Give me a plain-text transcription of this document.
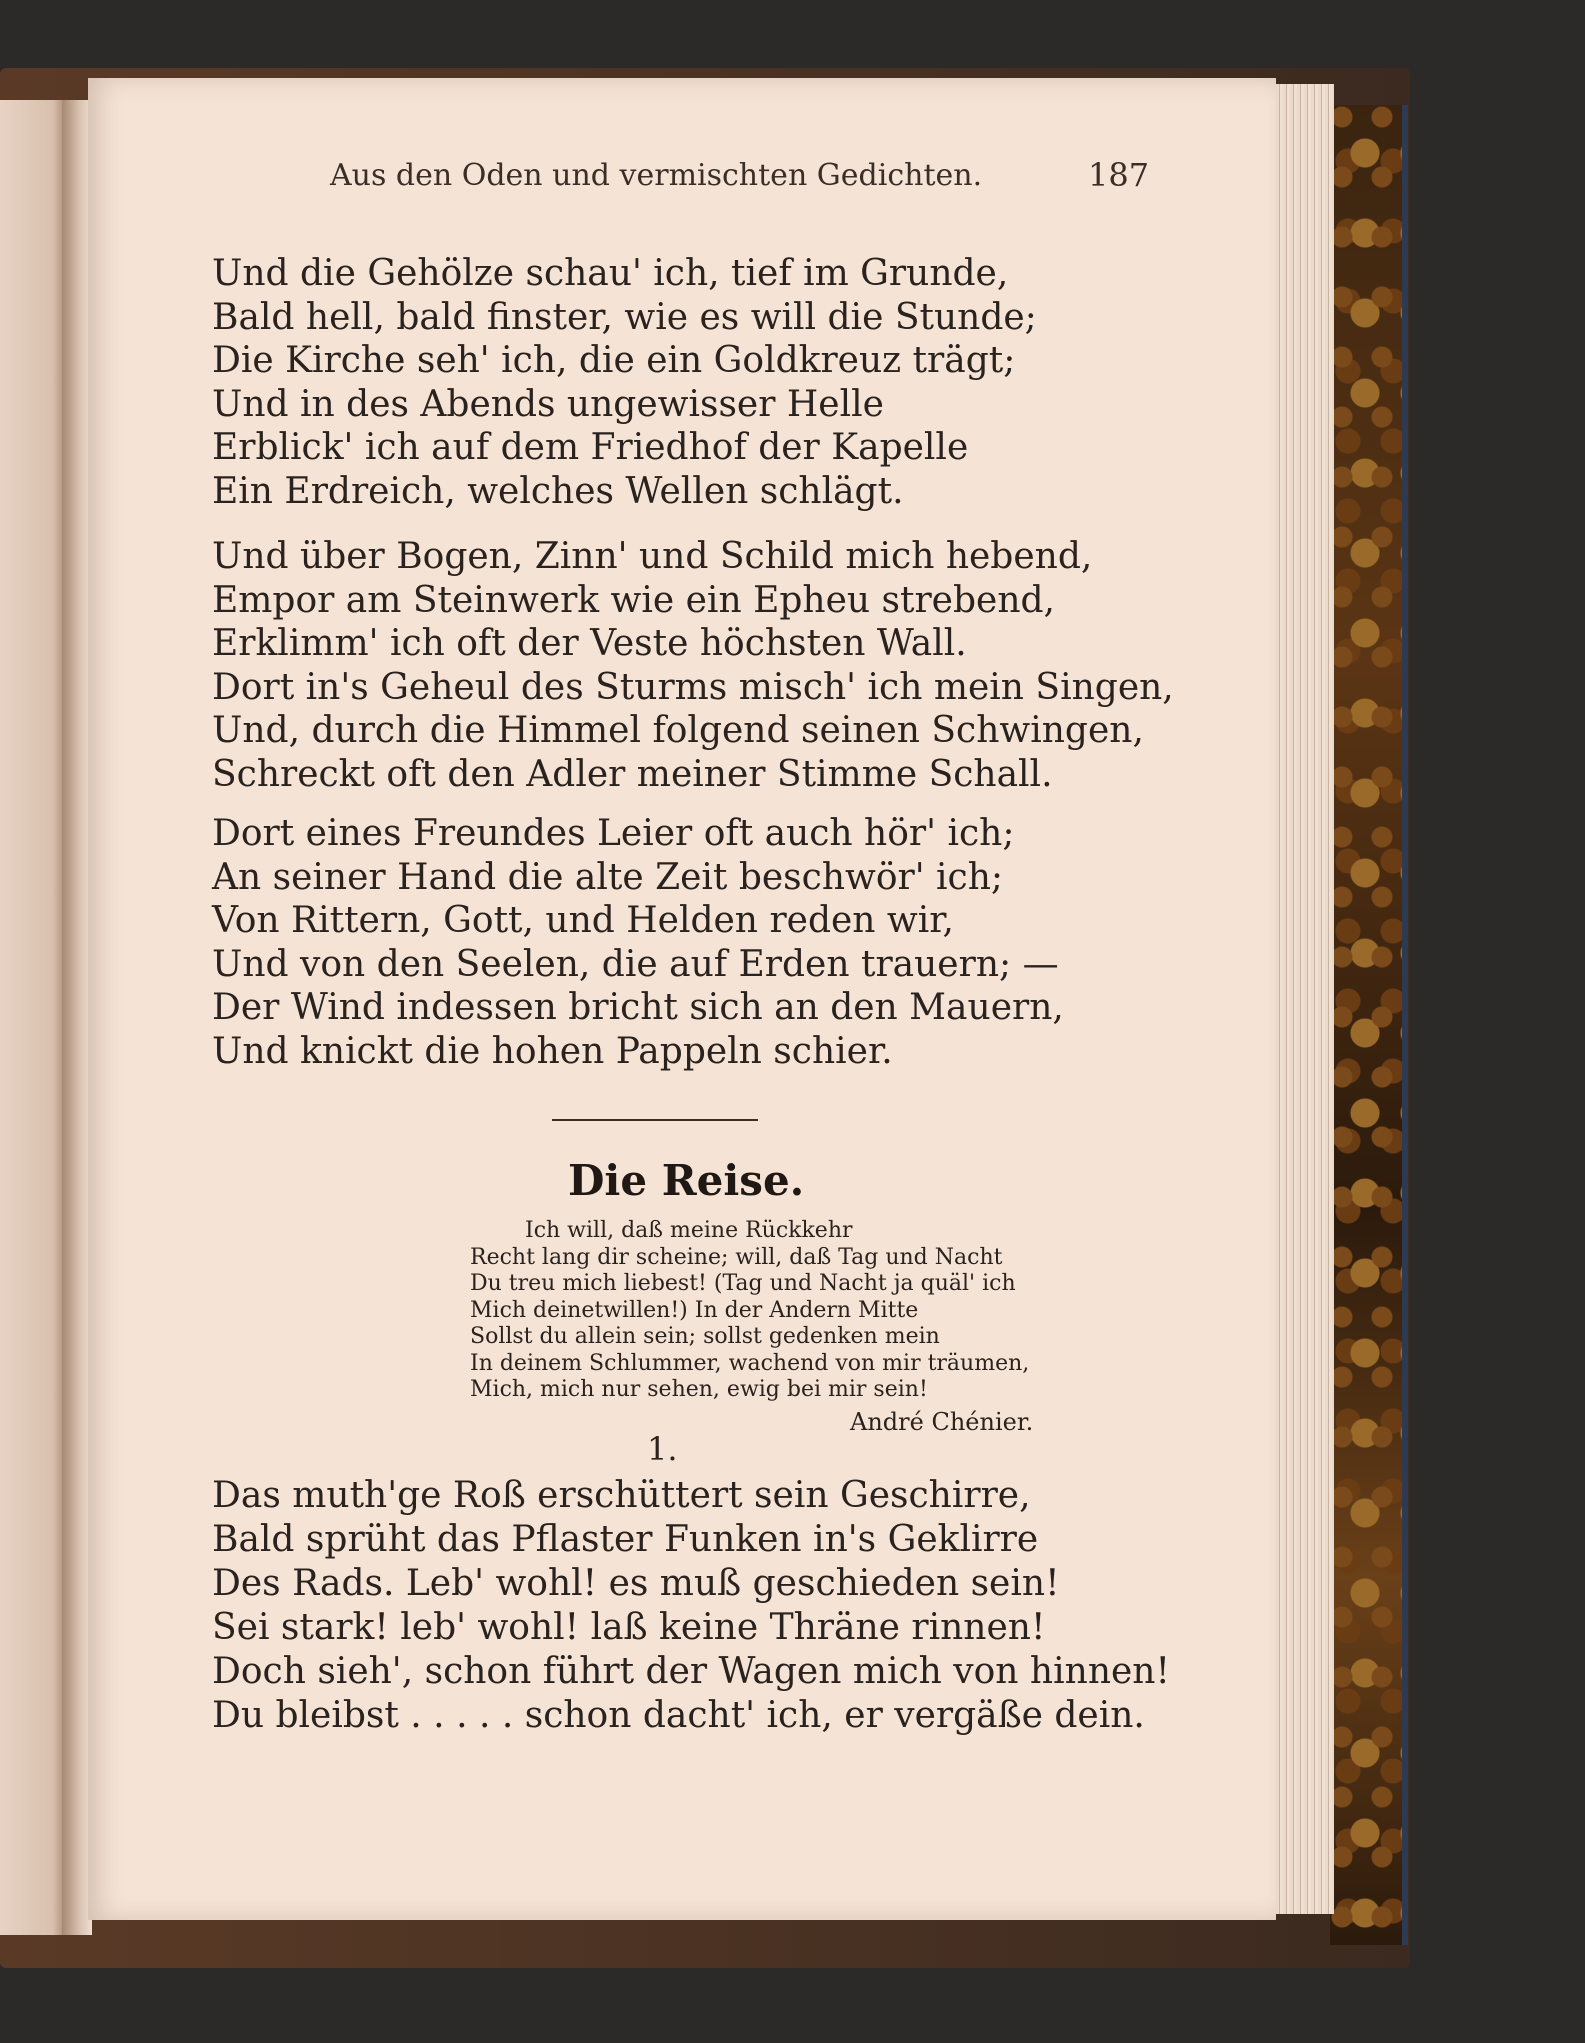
Aus den Oden und vermischten Gedichten.	187
Und die Gehölze schau' ich, tief im Grunde,
Bald hell, bald finster, wie es will die Stunde;
Die Kirche seh' ich, die ein Goldkreuz trägt;
Und in des Abends ungewisser Helle
Erblick' ich auf dem Friedhof der Kapelle
Ein Erdreich, welches Wellen schlägt.
Und über Bogen, Zinn' und Schild mich hebend,
Empor am Steinwerk wie ein Epheu strebend,
Erklimm' ich oft der Veste höchsten Wall.
Dort in's Geheul des Sturms misch' ich mein Singen,
Und, durch die Himmel folgend seinen Schwingen,
Schreckt oft den Adler meiner Stimme Schall.
Dort eines Freundes Leier oft auch hör' ich;
An seiner Hand die alte Zeit beschwör' ich;
Von Rittern, Gott, und Helden reden wir,
Und von den Seelen, die auf Erden trauern; —
Der Wind indessen bricht sich an den Mauern,
Und knickt die hohen Pappeln schier.
Die Reise.
Ich will, daß meine Rückkehr
Recht lang dir scheine; will, daß Tag und Nacht
Du treu mich liebest! (Tag und Nacht ja quäl' ich
Mich deinetwillen!) In der Andern Mitte
Sollst du allein sein; sollst gedenken mein
In deinem Schlummer, wachend von mir träumen,
Mich, mich nur sehen, ewig bei mir sein!
André Chénier.
1.
Das muth'ge Roß erschüttert sein Geschirre,
Bald sprüht das Pflaster Funken in's Geklirre
Des Rads. Leb' wohl! es muß geschieden sein!
Sei stark! leb' wohl! laß keine Thräne rinnen!
Doch sieh', schon führt der Wagen mich von hinnen!
Du bleibst . . . . . schon dacht' ich, er vergäße dein.
